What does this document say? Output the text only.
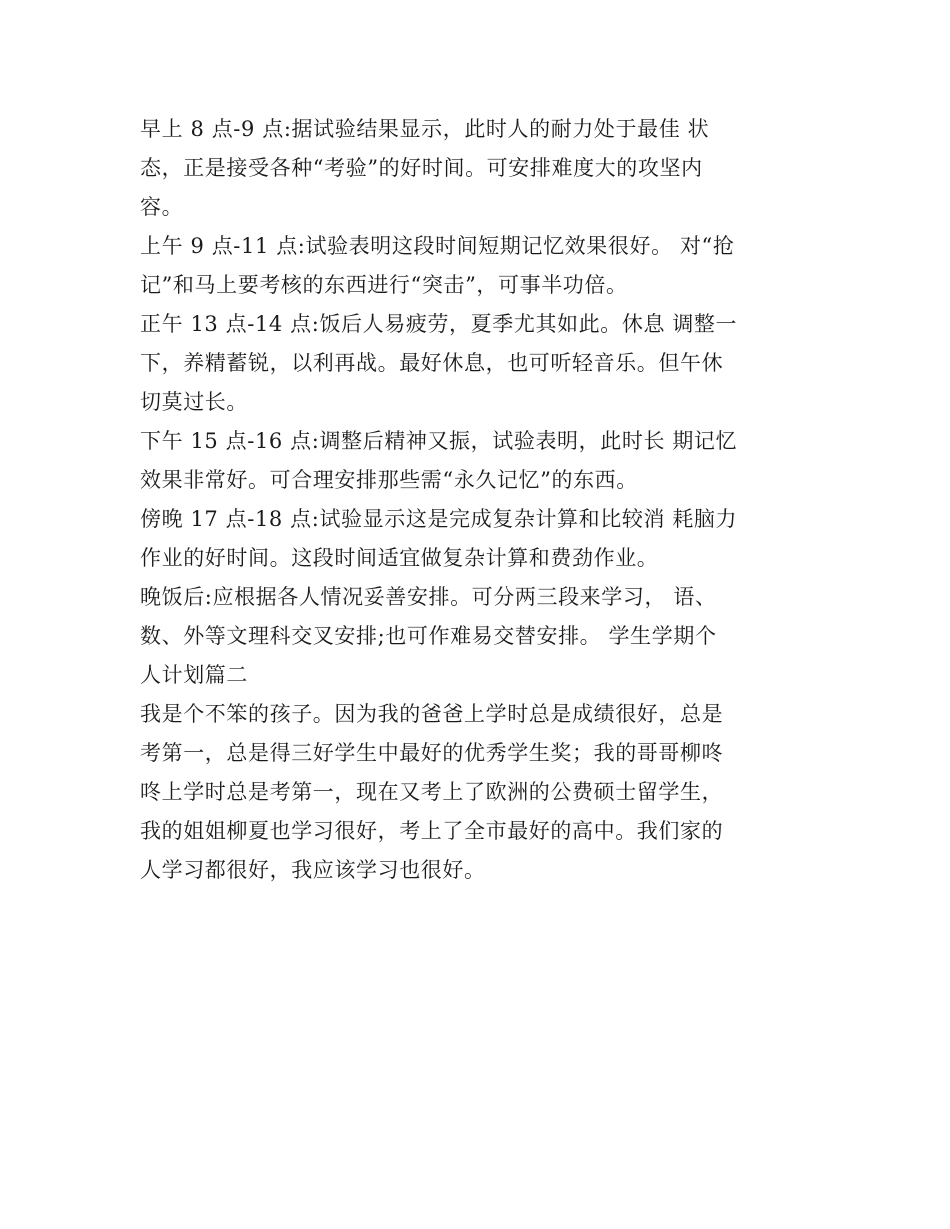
早上 8 点-9 点:据试验结果显示，此时人的耐力处于最佳 状
态，正是接受各种“考验”的好时间。可安排难度大的攻坚内
容。
上午 9 点-11 点:试验表明这段时间短期记忆效果很好。 对“抢
记”和马上要考核的东西进行“突击”，可事半功倍。
正午 13 点-14 点:饭后人易疲劳，夏季尤其如此。休息 调整一
下，养精蓄锐，以利再战。最好休息，也可听轻音乐。但午休
切莫过长。
下午 15 点-16 点:调整后精神又振，试验表明，此时长 期记忆
效果非常好。可合理安排那些需“永久记忆”的东西。
傍晚 17 点-18 点:试验显示这是完成复杂计算和比较消 耗脑力
作业的好时间。这段时间适宜做复杂计算和费劲作业。
晚饭后:应根据各人情况妥善安排。可分两三段来学习， 语、
数、外等文理科交叉安排;也可作难易交替安排。 学生学期个
人计划篇二
我是个不笨的孩子。因为我的爸爸上学时总是成绩很好，总是
考第一，总是得三好学生中最好的优秀学生奖；我的哥哥柳咚
咚上学时总是考第一，现在又考上了欧洲的公费硕士留学生，
我的姐姐柳夏也学习很好，考上了全市最好的高中。我们家的
人学习都很好，我应该学习也很好。
